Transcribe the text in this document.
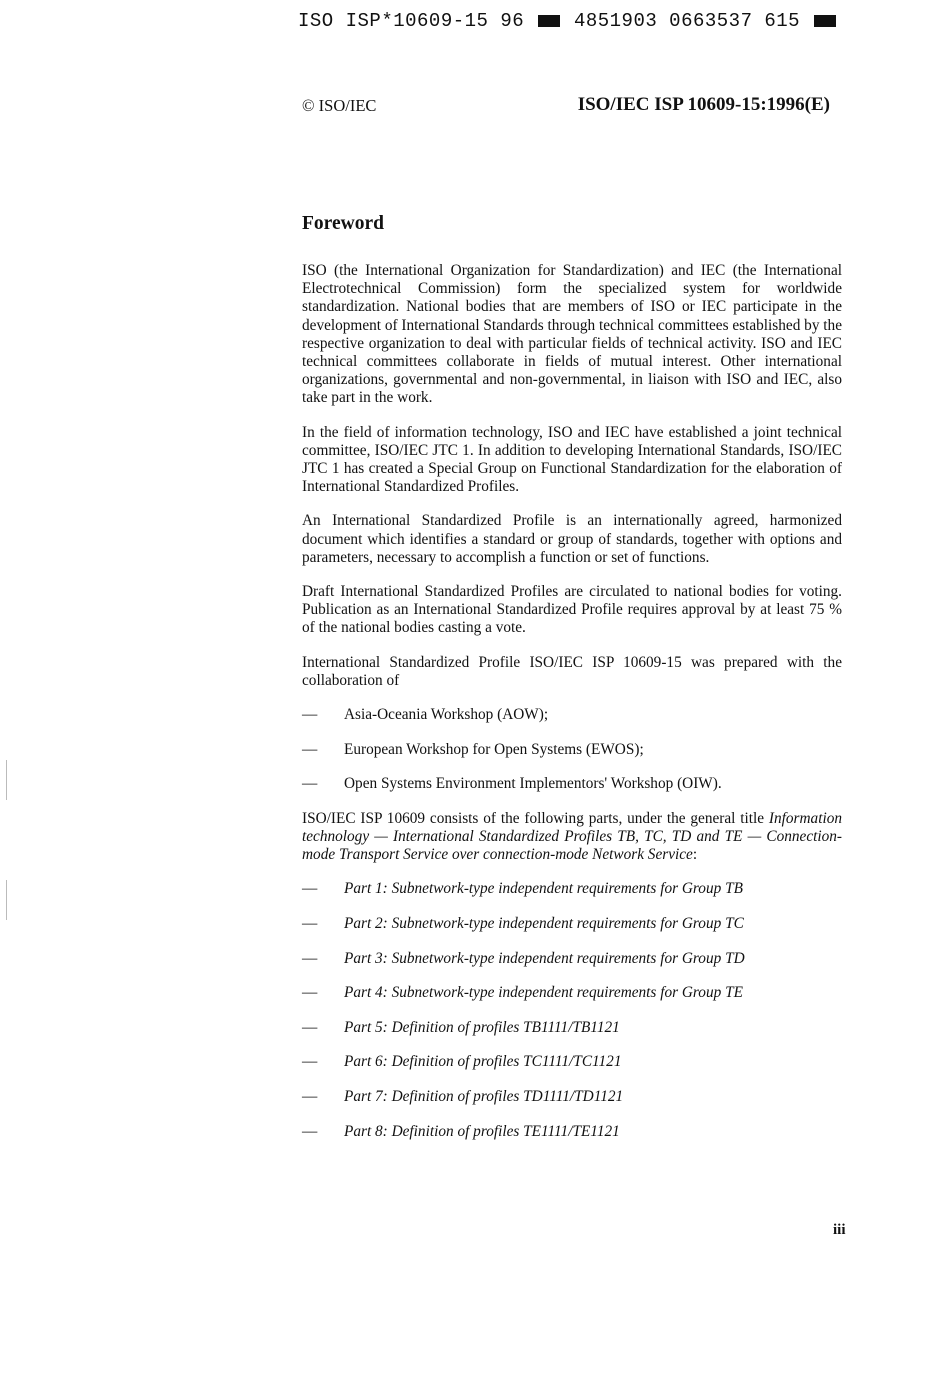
ISO ISP*10609-15 96	4851903 0663537 615
© ISO/IEC	ISO/IEC ISP 10609-15:1996(E)
Foreword

ISO (the International Organization for Standardization) and IEC (the International Electrotechnical Commission) form the specialized system for worldwide standardization. National bodies that are members of ISO or IEC participate in the development of International Standards through technical committees established by the respective organization to deal with particular fields of technical activity. ISO and IEC technical committees collaborate in fields of mutual interest. Other international organizations, governmental and non-governmental, in liaison with ISO and IEC, also take part in the work.

In the field of information technology, ISO and IEC have established a joint technical committee, ISO/IEC JTC 1. In addition to developing International Standards, ISO/IEC JTC 1 has created a Special Group on Functional Standardization for the elaboration of International Standardized Profiles.

An International Standardized Profile is an internationally agreed, harmonized document which identifies a standard or group of standards, together with options and parameters, necessary to accomplish a function or set of functions.

Draft International Standardized Profiles are circulated to national bodies for voting. Publication as an International Standardized Profile requires approval by at least 75 % of the national bodies casting a vote.

International Standardized Profile ISO/IEC ISP 10609-15 was prepared with the collaboration of

—	Asia-Oceania Workshop (AOW);
—	European Workshop for Open Systems (EWOS);
—	Open Systems Environment Implementors' Workshop (OIW).

ISO/IEC ISP 10609 consists of the following parts, under the general title Information technology — International Standardized Profiles TB, TC, TD and TE — Connection-mode Transport Service over connection-mode Network Service:

—	Part 1: Subnetwork-type independent requirements for Group TB
—	Part 2: Subnetwork-type independent requirements for Group TC
—	Part 3: Subnetwork-type independent requirements for Group TD
—	Part 4: Subnetwork-type independent requirements for Group TE
—	Part 5: Definition of profiles TB1111/TB1121
—	Part 6: Definition of profiles TC1111/TC1121
—	Part 7: Definition of profiles TD1111/TD1121
—	Part 8: Definition of profiles TE1111/TE1121
iii
